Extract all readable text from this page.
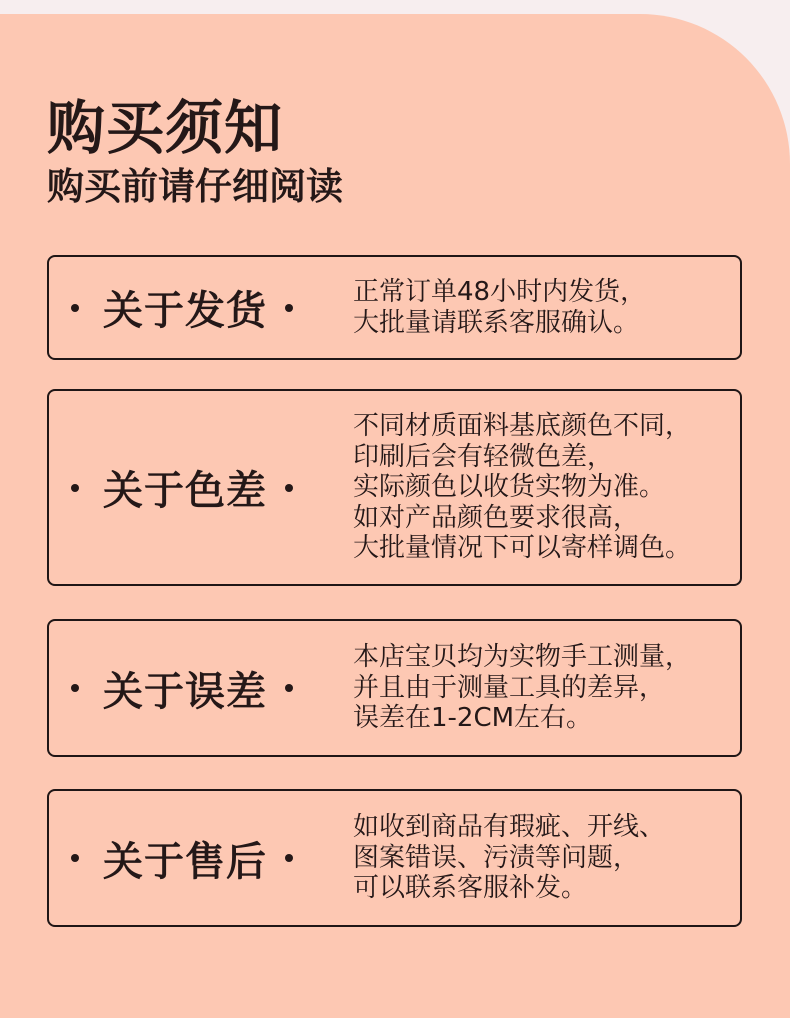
购买须知
购买前请仔细阅读
关于发货	正常订单48小时内发货，
大批量请联系客服确认。
关于色差
不同材质面料基底颜色不同，
印刷后会有轻微色差，
实际颜色以收货实物为准。
如对产品颜色要求很高，
大批量情况下可以寄样调色。
关于误差
本店宝贝均为实物手工测量，
并且由于测量工具的差异，
误差在1-2CM左右。
关于售后
如收到商品有瑕疵、开线、
图案错误、污渍等问题，
可以联系客服补发。
